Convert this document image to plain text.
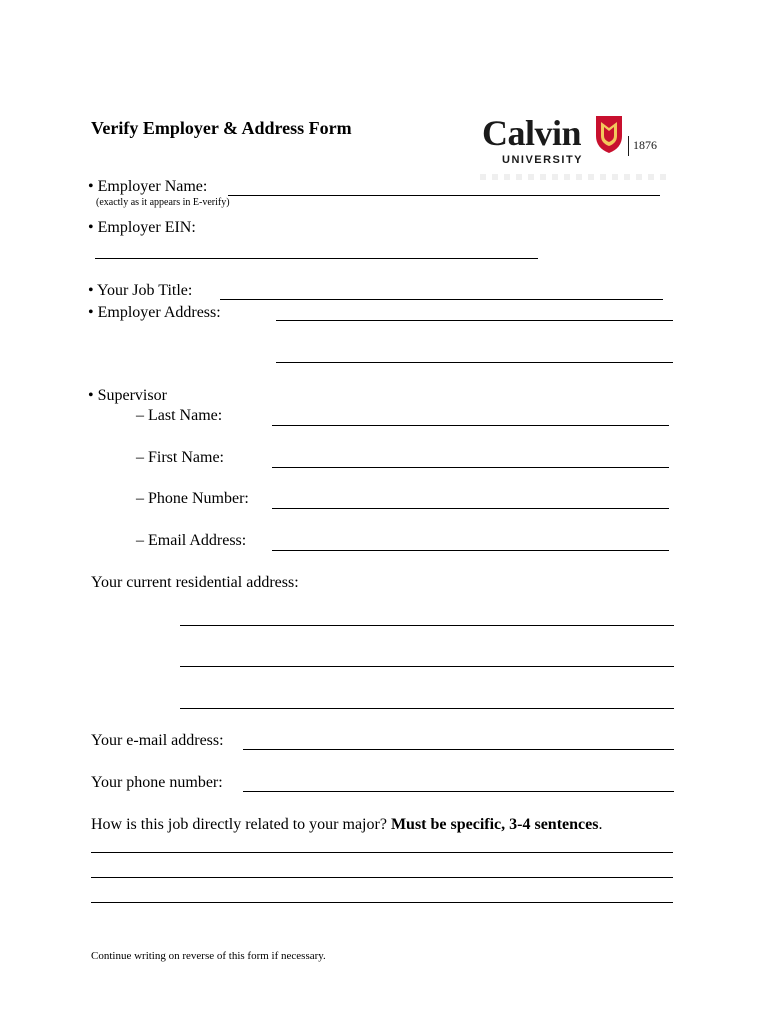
Verify Employer & Address Form	Calvin	1876
UNIVERSITY
• Employer Name:
(exactly as it appears in E-verify)
• Employer EIN:
• Your Job Title:
• Employer Address:
• Supervisor
– Last Name:
– First Name:
– Phone Number:
– Email Address:
Your current residential address:
Your e-mail address:
Your phone number:
How is this job directly related to your major? Must be specific, 3-4 sentences.
Continue writing on reverse of this form if necessary.
